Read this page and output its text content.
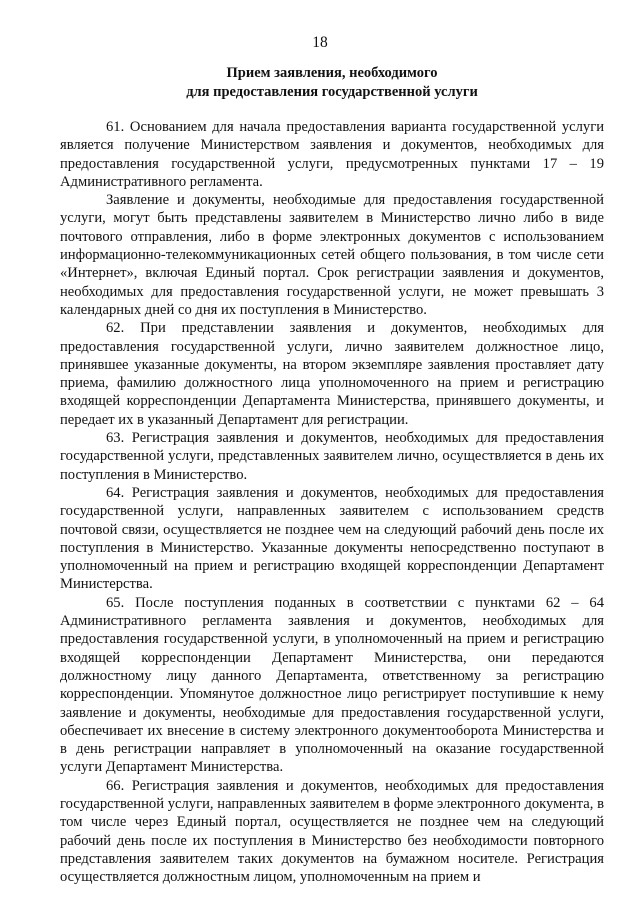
18
Прием заявления, необходимого
для предоставления государственной услуги

61. Основанием для начала предоставления варианта государственной услуги является получение Министерством заявления и документов, необходимых для предоставления государственной услуги, предусмотренных пунктами 17 – 19 Административного регламента.

Заявление и документы, необходимые для предоставления государственной услуги, могут быть представлены заявителем в Министерство лично либо в виде почтового отправления, либо в форме электронных документов с использованием информационно-телекоммуникационных сетей общего пользования, в том числе сети «Интернет», включая Единый портал. Срок регистрации заявления и документов, необходимых для предоставления государственной услуги, не может превышать 3 календарных дней со дня их поступления в Министерство.

62. При представлении заявления и документов, необходимых для предоставления государственной услуги, лично заявителем должностное лицо, принявшее указанные документы, на втором экземпляре заявления проставляет дату приема, фамилию должностного лица уполномоченного на прием и регистрацию входящей корреспонденции Департамента Министерства, принявшего документы, и передает их в указанный Департамент для регистрации.

63. Регистрация заявления и документов, необходимых для предоставления государственной услуги, представленных заявителем лично, осуществляется в день их поступления в Министерство.

64. Регистрация заявления и документов, необходимых для предоставления государственной услуги, направленных заявителем с использованием средств почтовой связи, осуществляется не позднее чем на следующий рабочий день после их поступления в Министерство. Указанные документы непосредственно поступают в уполномоченный на прием и регистрацию входящей корреспонденции Департамент Министерства.

65. После поступления поданных в соответствии с пунктами 62 – 64 Административного регламента заявления и документов, необходимых для предоставления государственной услуги, в уполномоченный на прием и регистрацию входящей корреспонденции Департамент Министерства, они передаются должностному лицу данного Департамента, ответственному за регистрацию корреспонденции. Упомянутое должностное лицо регистрирует поступившие к нему заявление и документы, необходимые для предоставления государственной услуги, обеспечивает их внесение в систему электронного документооборота Министерства и в день регистрации направляет в уполномоченный на оказание государственной услуги Департамент Министерства.

66. Регистрация заявления и документов, необходимых для предоставления государственной услуги, направленных заявителем в форме электронного документа, в том числе через Единый портал, осуществляется не позднее чем на следующий рабочий день после их поступления в Министерство без необходимости повторного представления заявителем таких документов на бумажном носителе. Регистрация осуществляется должностным лицом, уполномоченным на прием и
